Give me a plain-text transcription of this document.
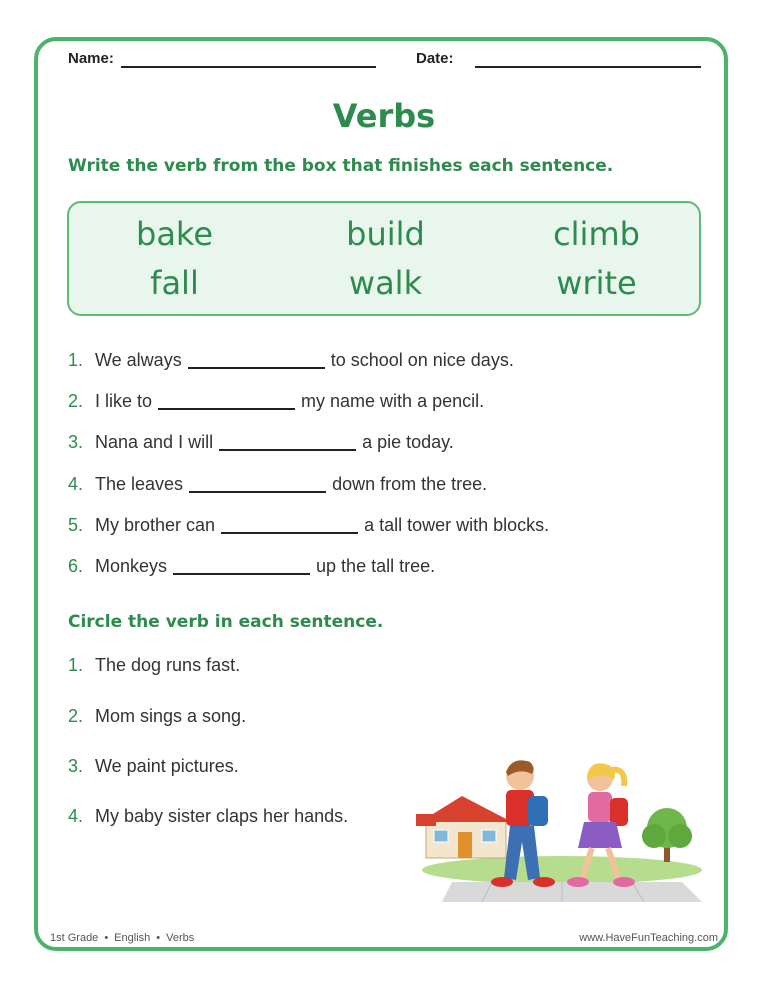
Name:	Date:
Verbs
Write the verb from the box that finishes each sentence.
bake	build	climb
fall	walk	write
1. We always	to school on nice days.
2. I like to	my name with a pencil.
3. Nana and I will	a pie today.
4. The leaves	down from the tree.
5. My brother can	a tall tower with blocks.
6. Monkeys	up the tall tree.
Circle the verb in each sentence.
1. The dog runs fast.
2. Mom sings a song.
3. We paint pictures.
4. My baby sister claps her hands.
1st Grade • English • Verbs	www.HaveFunTeaching.com
